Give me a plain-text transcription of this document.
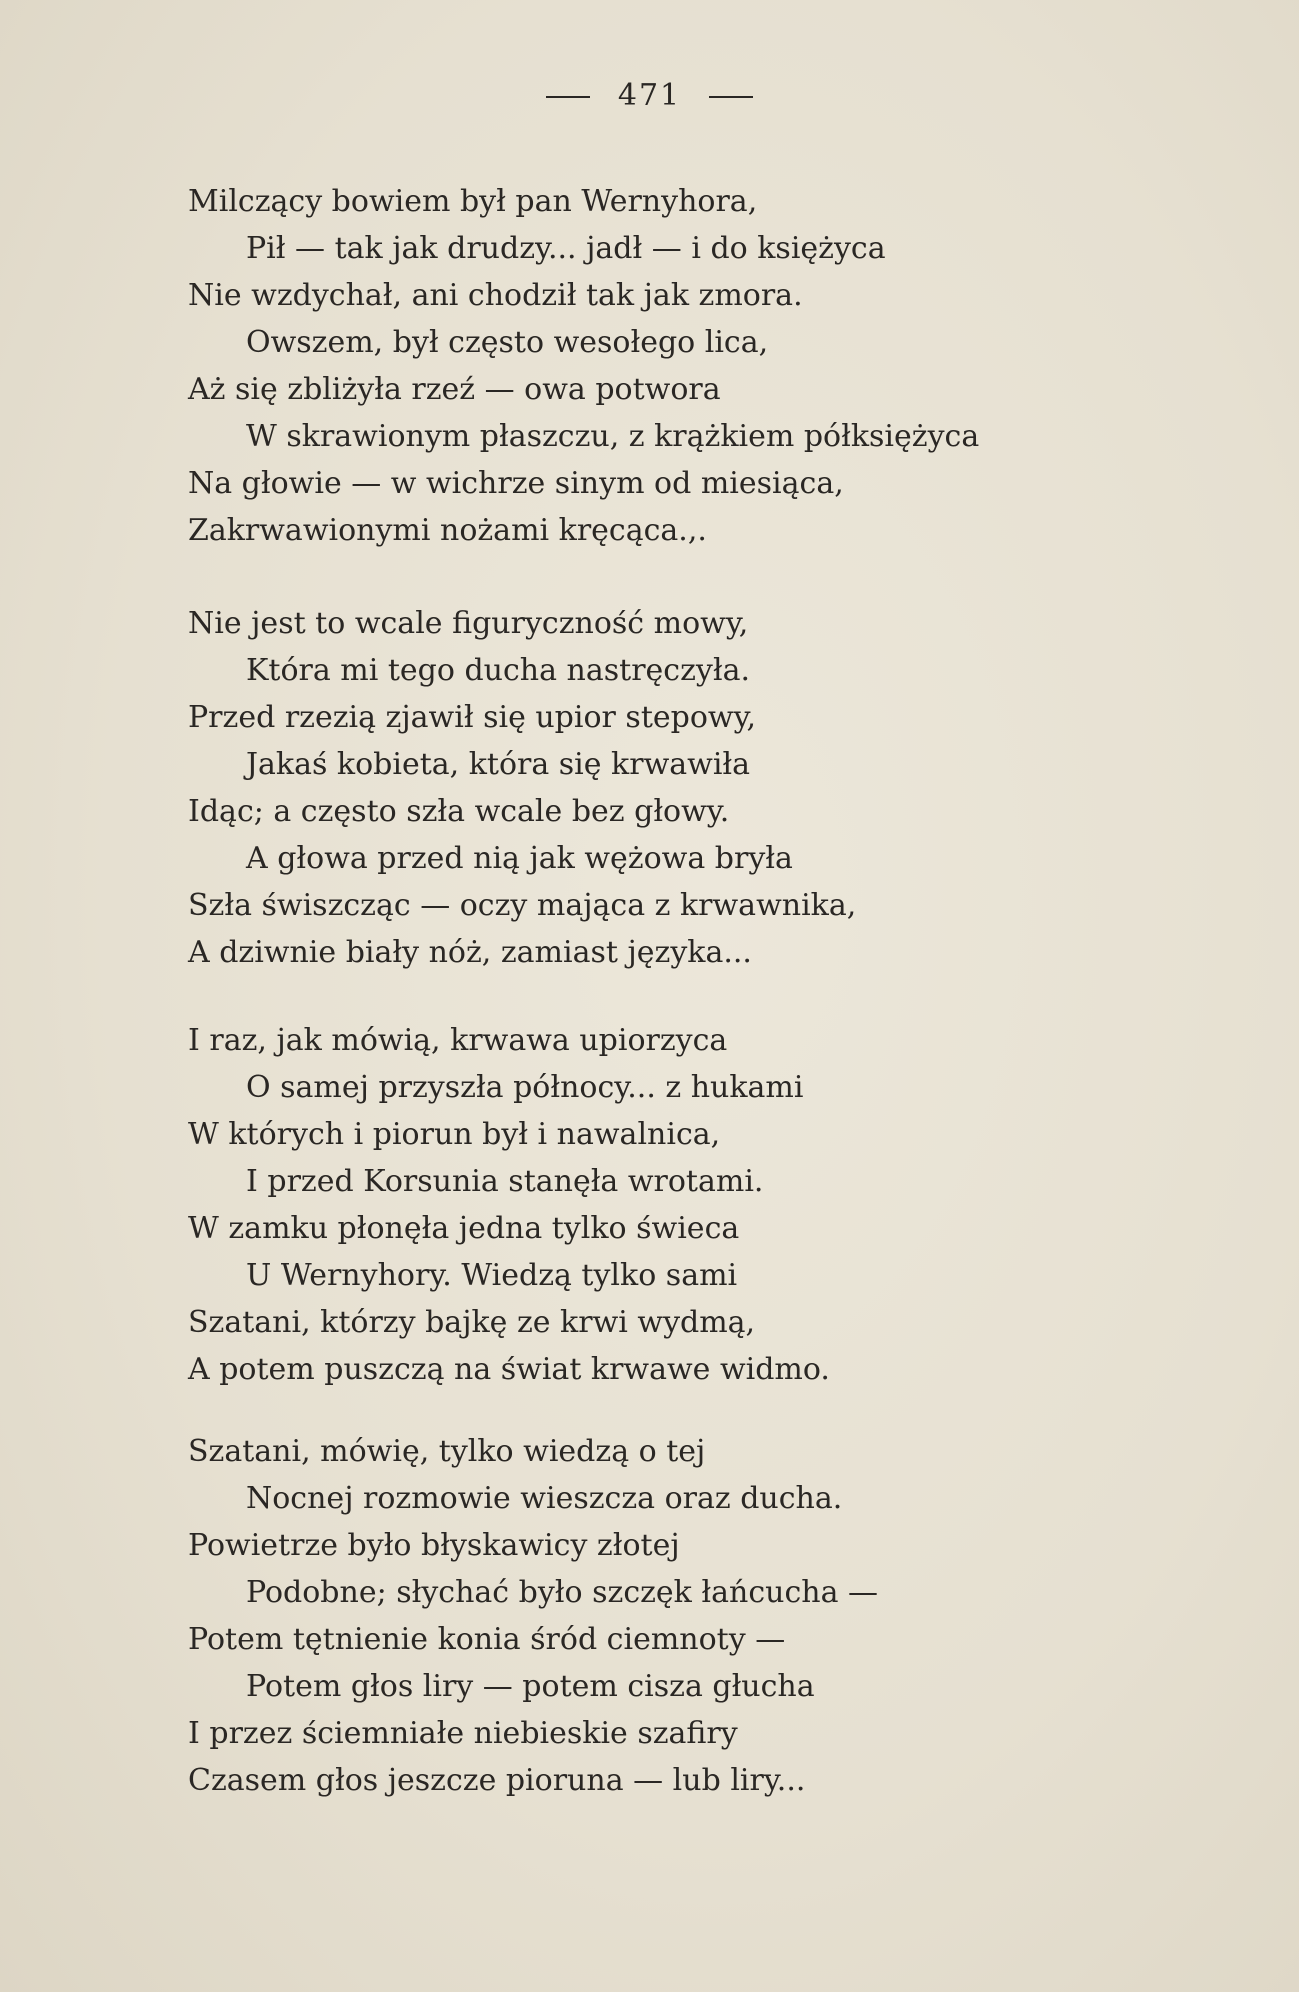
471
Milczący bowiem był pan Wernyhora,
Pił — tak jak drudzy... jadł — i do księżyca
Nie wzdychał, ani chodził tak jak zmora.
Owszem, był często wesołego lica,
Aż się zbliżyła rzeź — owa potwora
W skrawionym płaszczu, z krążkiem półksiężyca
Na głowie — w wichrze sinym od miesiąca,
Zakrwawionymi nożami kręcąca.,.
Nie jest to wcale figuryczność mowy,
Która mi tego ducha nastręczyła.
Przed rzezią zjawił się upior stepowy,
Jakaś kobieta, która się krwawiła
Idąc; a często szła wcale bez głowy.
A głowa przed nią jak wężowa bryła
Szła świszcząc — oczy mająca z krwawnika,
A dziwnie biały nóż, zamiast języka...
I raz, jak mówią, krwawa upiorzyca
O samej przyszła północy... z hukami
W których i piorun był i nawalnica,
I przed Korsunia stanęła wrotami.
W zamku płonęła jedna tylko świeca
U Wernyhory. Wiedzą tylko sami
Szatani, którzy bajkę ze krwi wydmą,
A potem puszczą na świat krwawe widmo.
Szatani, mówię, tylko wiedzą o tej
Nocnej rozmowie wieszcza oraz ducha.
Powietrze było błyskawicy złotej
Podobne; słychać było szczęk łańcucha —
Potem tętnienie konia śród ciemnoty —
Potem głos liry — potem cisza głucha
I przez ściemniałe niebieskie szafiry
Czasem głos jeszcze pioruna — lub liry...
